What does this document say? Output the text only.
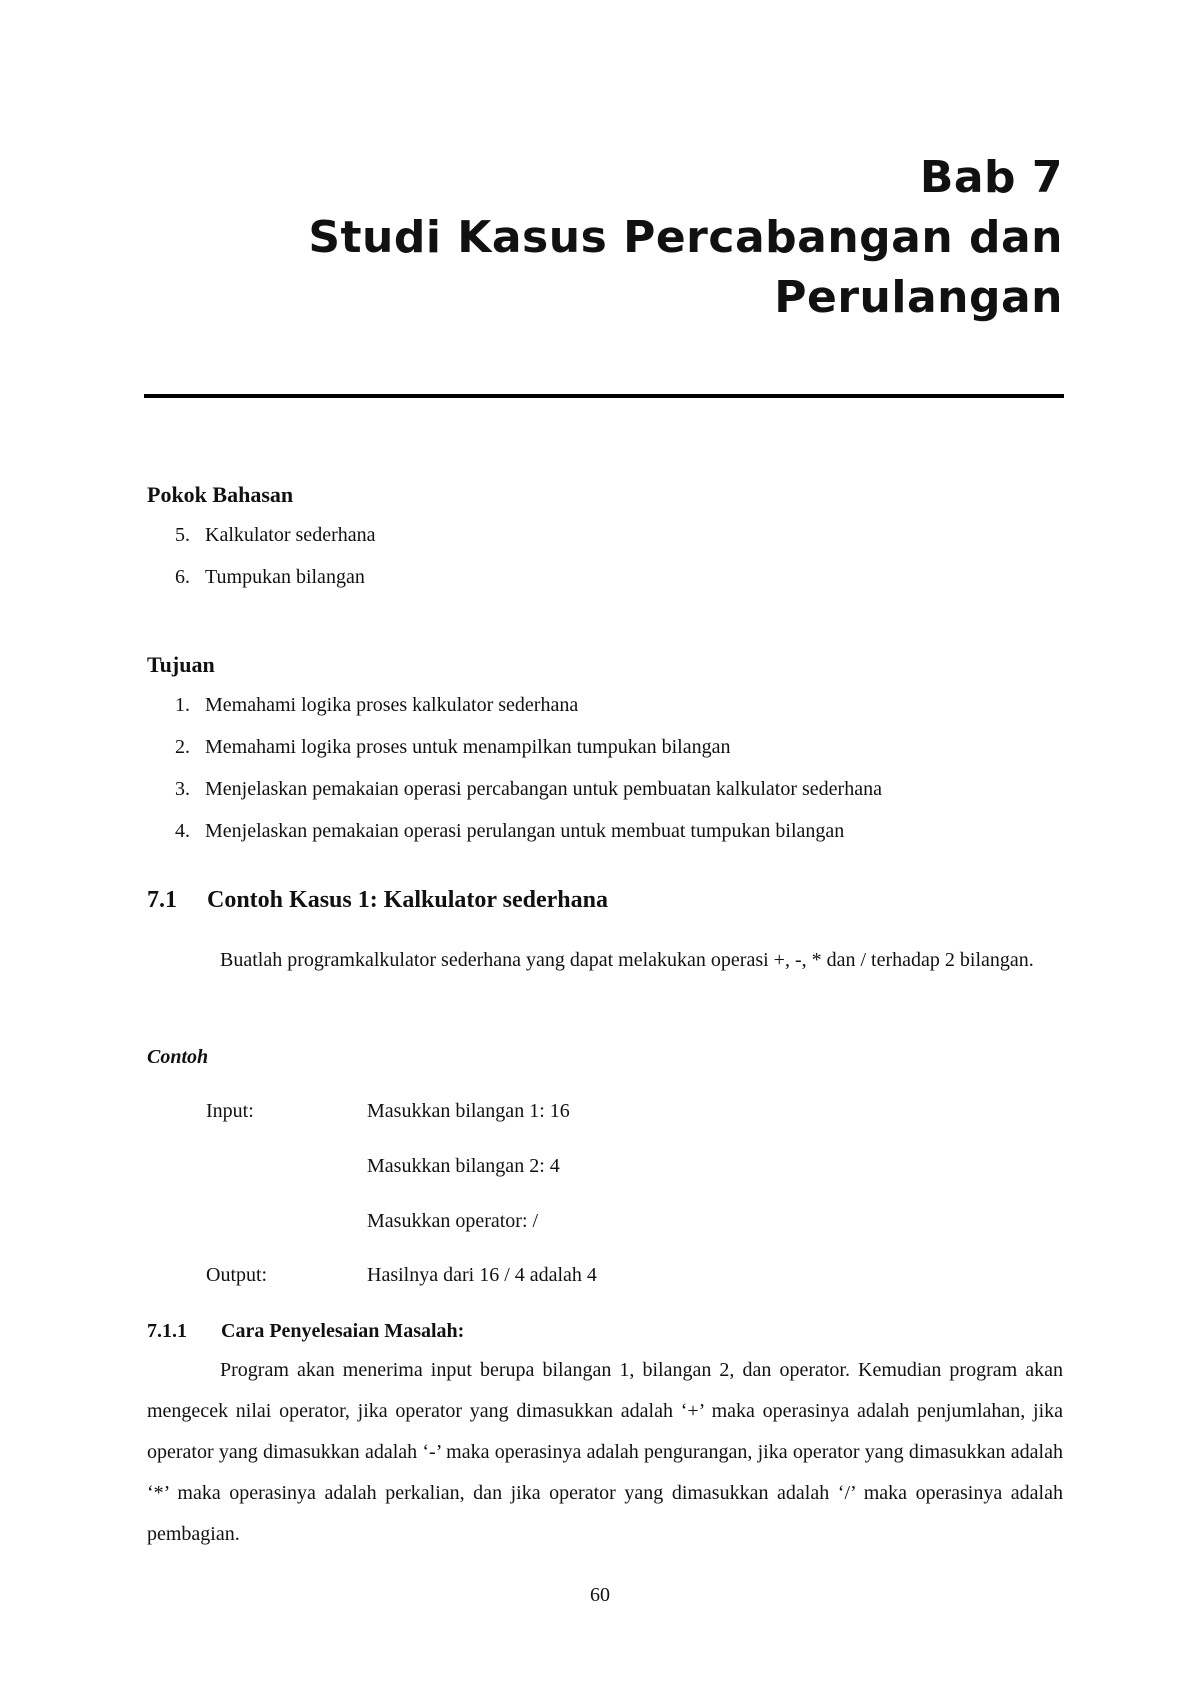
Bab 7
Studi Kasus Percabangan dan
Perulangan
Pokok Bahasan
5. Kalkulator sederhana
6. Tumpukan bilangan
Tujuan
1. Memahami logika proses kalkulator sederhana
2. Memahami logika proses untuk menampilkan tumpukan bilangan
3. Menjelaskan pemakaian operasi percabangan untuk pembuatan kalkulator sederhana
4. Menjelaskan pemakaian operasi perulangan untuk membuat tumpukan bilangan
7.1 Contoh Kasus 1: Kalkulator sederhana
Buatlah programkalkulator sederhana yang dapat melakukan operasi +, -, * dan / terhadap 2 bilangan.
Contoh
Input:	Masukkan bilangan 1: 16
Masukkan bilangan 2: 4
Masukkan operator: /
Output:	Hasilnya dari 16 / 4 adalah 4
7.1.1 Cara Penyelesaian Masalah:
Program akan menerima input berupa bilangan 1, bilangan 2, dan operator. Kemudian program akan mengecek nilai operator, jika operator yang dimasukkan adalah ‘+’ maka operasinya adalah penjumlahan, jika operator yang dimasukkan adalah ‘-’ maka operasinya adalah pengurangan, jika operator yang dimasukkan adalah ‘*’ maka operasinya adalah perkalian, dan jika operator yang dimasukkan adalah ‘/’ maka operasinya adalah pembagian.
60
